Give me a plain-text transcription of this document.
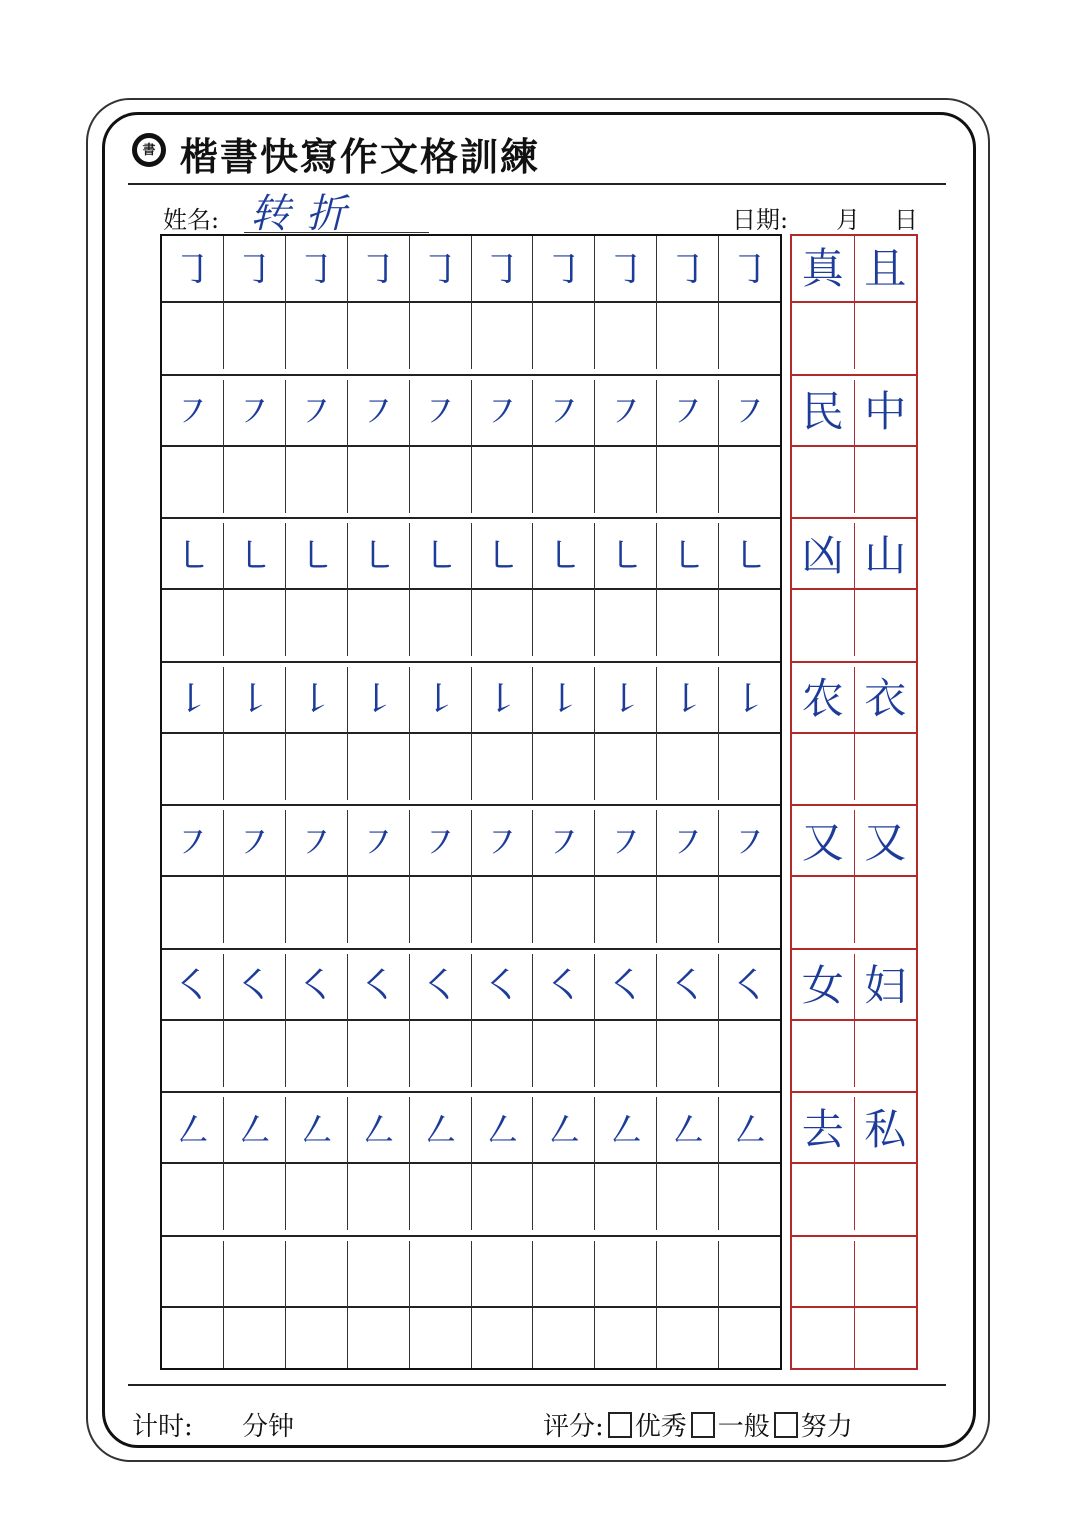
書 楷書快寫作文格訓練
姓名: 转折	日期: 月 日
㇆ ㇆ ㇆ ㇆ ㇆ ㇆ ㇆ ㇆ ㇆ ㇆
㇇ ㇇ ㇇ ㇇ ㇇ ㇇ ㇇ ㇇ ㇇ ㇇
㇄ ㇄ ㇄ ㇄ ㇄ ㇄ ㇄ ㇄ ㇄ ㇄
㇙ ㇙ ㇙ ㇙ ㇙ ㇙ ㇙ ㇙ ㇙ ㇙
㇇ ㇇ ㇇ ㇇ ㇇ ㇇ ㇇ ㇇ ㇇ ㇇
㇛ ㇛ ㇛ ㇛ ㇛ ㇛ ㇛ ㇛ ㇛ ㇛
㇜ ㇜ ㇜ ㇜ ㇜ ㇜ ㇜ ㇜ ㇜ ㇜
真 且
民 中
凶 山
农 衣
又 又
女 妇
去 私
计时: 分钟	评分: 优秀 一般 努力
